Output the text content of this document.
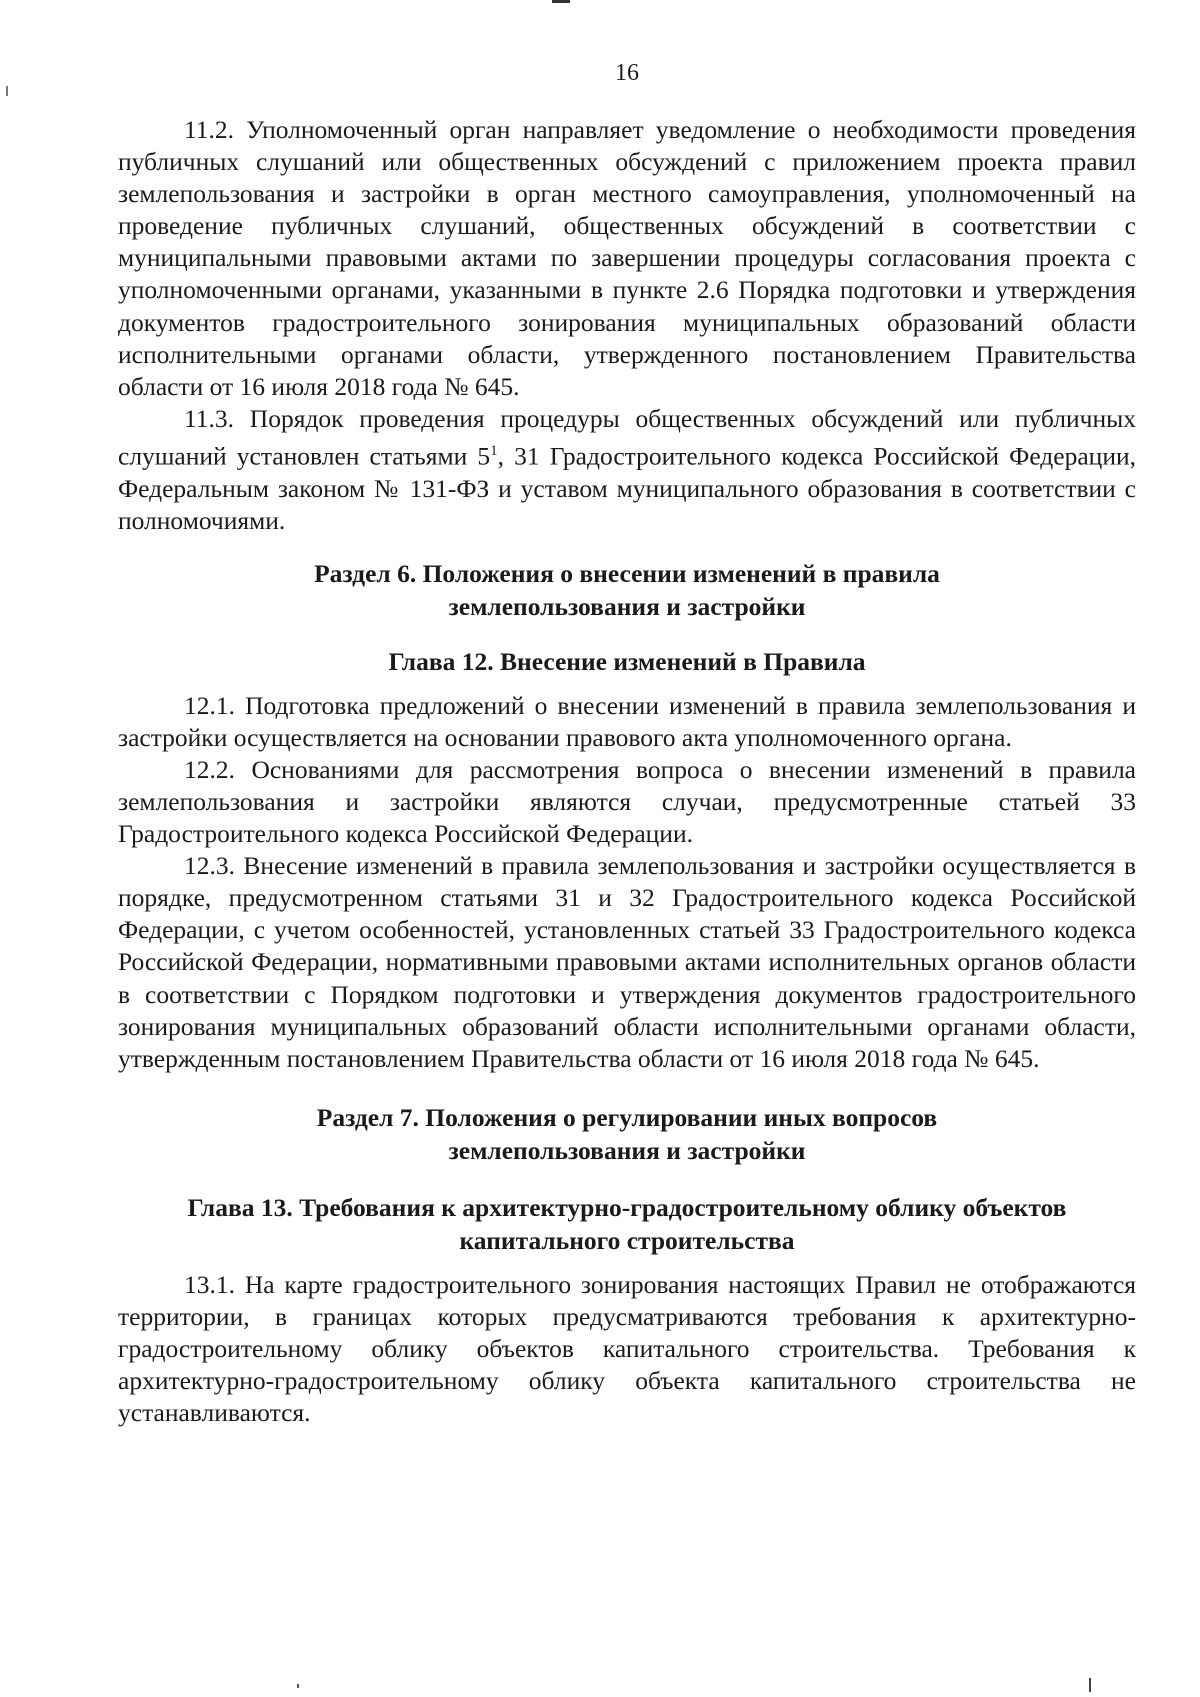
16

11.2. Уполномоченный орган направляет уведомление о необходимости проведения публичных слушаний или общественных обсуждений с приложением проекта правил землепользования и застройки в орган местного самоуправления, уполномоченный на проведение публичных слушаний, общественных обсуждений в соответствии с муниципальными правовыми актами по завершении процедуры согласования проекта с уполномоченными органами, указанными в пункте 2.6 Порядка подготовки и утверждения документов градостроительного зонирования муниципальных образований области исполнительными органами области, утвержденного постановлением Правительства области от 16 июля 2018 года № 645.

11.3. Порядок проведения процедуры общественных обсуждений или публичных слушаний установлен статьями $5^1$, 31 Градостроительного кодекса Российской Федерации, Федеральным законом № 131-ФЗ и уставом муниципального образования в соответствии с полномочиями.

Раздел 6. Положения о внесении изменений в правила
землепользования и застройки
Глава 12. Внесение изменений в Правила

12.1. Подготовка предложений о внесении изменений в правила землепользования и застройки осуществляется на основании правового акта уполномоченного органа.

12.2. Основаниями для рассмотрения вопроса о внесении изменений в правила землепользования и застройки являются случаи, предусмотренные статьей 33 Градостроительного кодекса Российской Федерации.

12.3. Внесение изменений в правила землепользования и застройки осуществляется в порядке, предусмотренном статьями 31 и 32 Градостроительного кодекса Российской Федерации, с учетом особенностей, установленных статьей 33 Градостроительного кодекса Российской Федерации, нормативными правовыми актами исполнительных органов области в соответствии с Порядком подготовки и утверждения документов градостроительного зонирования муниципальных образований области исполнительными органами области, утвержденным постановлением Правительства области от 16 июля 2018 года № 645.

Раздел 7. Положения о регулировании иных вопросов
землепользования и застройки
Глава 13. Требования к архитектурно-градостроительному облику объектов
капитального строительства

13.1. На карте градостроительного зонирования настоящих Правил не отображаются территории, в границах которых предусматриваются требования к архитектурно-градостроительному облику объектов капитального строительства. Требования к архитектурно-градостроительному облику объекта капитального строительства не устанавливаются.
